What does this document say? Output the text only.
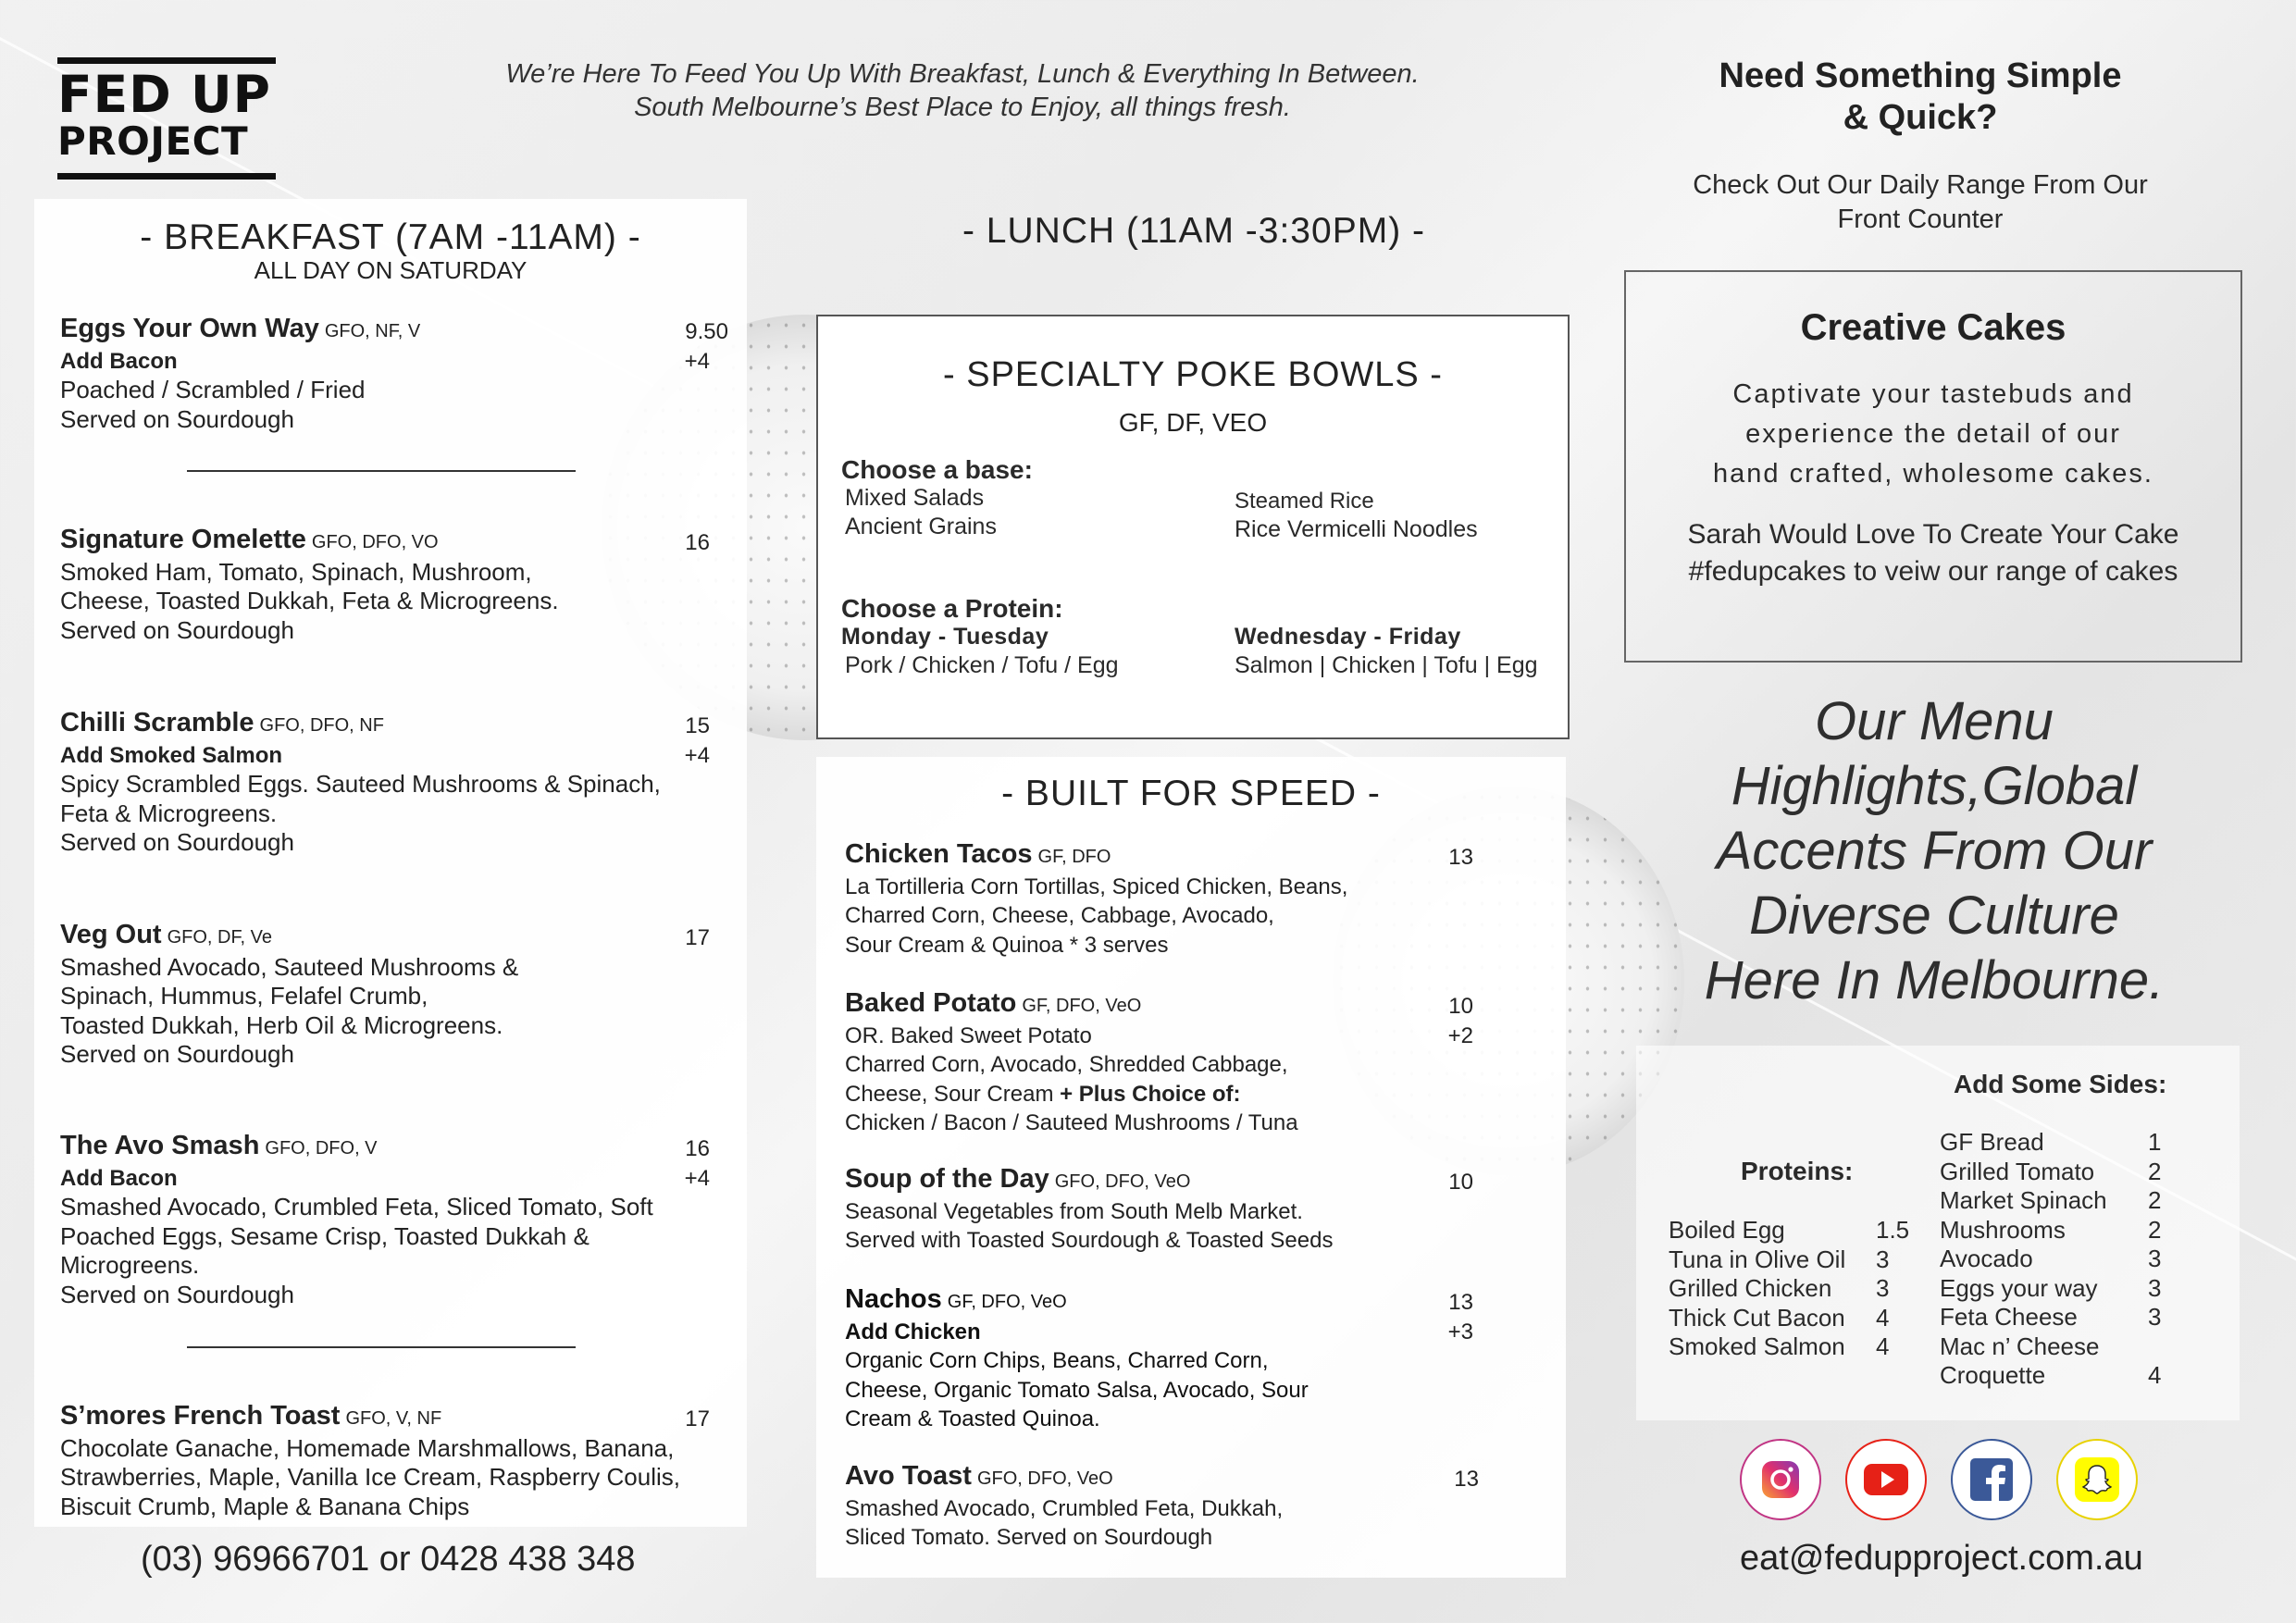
FED UP
PROJECT
We’re Here To Feed You Up With Breakfast, Lunch & Everything In Between.
South Melbourne’s Best Place to Enjoy, all things fresh.
- BREAKFAST (7AM -11AM) -
ALL DAY ON SATURDAY
Eggs Your Own Way GFO, NF, V
Add Bacon
Poached / Scrambled / Fried
Served on Sourdough
9.50
+4
Signature Omelette GFO, DFO, VO
Smoked Ham, Tomato, Spinach, Mushroom,
Cheese, Toasted Dukkah, Feta & Microgreens.
Served on Sourdough
16
Chilli Scramble GFO, DFO, NF
Add Smoked Salmon
Spicy Scrambled Eggs. Sauteed Mushrooms & Spinach,
Feta & Microgreens.
Served on Sourdough
15
+4
Veg Out GFO, DF, Ve
Smashed Avocado, Sauteed Mushrooms &
Spinach, Hummus, Felafel Crumb,
Toasted Dukkah, Herb Oil & Microgreens.
Served on Sourdough
17
The Avo Smash GFO, DFO, V
Add Bacon
Smashed Avocado, Crumbled Feta, Sliced Tomato, Soft
Poached Eggs, Sesame Crisp, Toasted Dukkah &
Microgreens.
Served on Sourdough
16
+4
S’mores French Toast GFO, V, NF
Chocolate Ganache, Homemade Marshmallows, Banana,
Strawberries, Maple, Vanilla Ice Cream, Raspberry Coulis,
Biscuit Crumb, Maple & Banana Chips
17
(03) 96966701 or 0428 438 348
- LUNCH (11AM -3:30PM) -
- SPECIALTY POKE BOWLS -
GF, DF, VEO
Choose a base:
Mixed Salads
Ancient Grains
Steamed Rice
Rice Vermicelli Noodles
Choose a Protein:
Monday - Tuesday
Pork / Chicken / Tofu / Egg
Wednesday - Friday
Salmon | Chicken | Tofu | Egg
- BUILT FOR SPEED -
Chicken Tacos GF, DFO
La Tortilleria Corn Tortillas, Spiced Chicken, Beans,
Charred Corn, Cheese, Cabbage, Avocado,
Sour Cream & Quinoa * 3 serves
13
Baked Potato GF, DFO, VeO
OR. Baked Sweet Potato
Charred Corn, Avocado, Shredded Cabbage,
Cheese, Sour Cream + Plus Choice of:
Chicken / Bacon / Sauteed Mushrooms / Tuna
10
+2
Soup of the Day GFO, DFO, VeO
Seasonal Vegetables from South Melb Market.
Served with Toasted Sourdough & Toasted Seeds
10
Nachos GF, DFO, VeO
Add Chicken
Organic Corn Chips, Beans, Charred Corn,
Cheese, Organic Tomato Salsa, Avocado, Sour
Cream & Toasted Quinoa.
13
+3
Avo Toast GFO, DFO, VeO
Smashed Avocado, Crumbled Feta, Dukkah,
Sliced Tomato. Served on Sourdough
13
Need Something Simple
& Quick?
Check Out Our Daily Range From Our
Front Counter
Creative Cakes
Captivate your tastebuds and
experience the detail of our
hand crafted, wholesome cakes.
Sarah Would Love To Create Your Cake
#fedupcakes to veiw our range of cakes
Our Menu
Highlights,Global
Accents From Our
Diverse Culture
Here In Melbourne.
Add Some Sides:
Proteins:
Boiled Egg
Tuna in Olive Oil
Grilled Chicken
Thick Cut Bacon
Smoked Salmon
1.5
3
3
4
4
GF Bread
Grilled Tomato
Market Spinach
Mushrooms
Avocado
Eggs your way
Feta Cheese
Mac n’ Cheese
Croquette
1
2
2
2
3
3
3
4
eat@fedupproject.com.au
